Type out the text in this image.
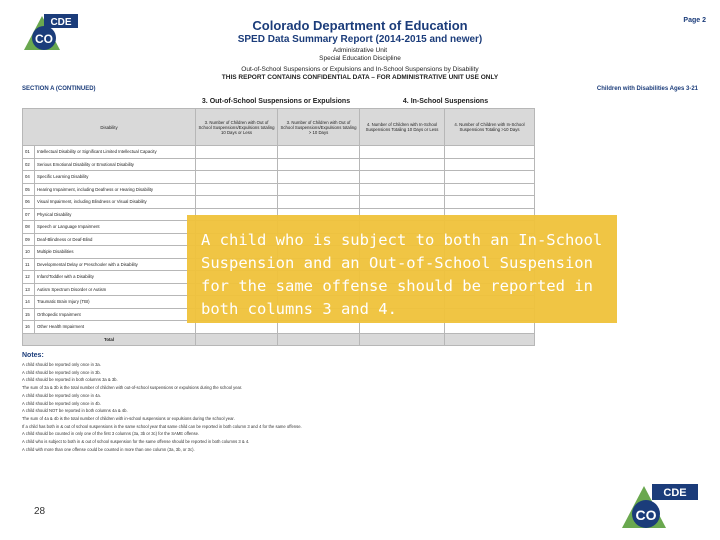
CDE
CO
Page 2
Colorado Department of Education
SPED Data Summary Report (2014-2015 and newer)
Administrative Unit
Special Education Discipline
Out-of-School Suspensions or Expulsions and In-School Suspensions by Disability
THIS REPORT CONTAINS CONFIDENTIAL DATA – FOR ADMINISTRATIVE UNIT USE ONLY
SECTION A (CONTINUED)	Children with Disabilities Ages 3-21
3. Out-of-School Suspensions or Expulsions	4. In-School Suspensions
Disability		3. Number of Children with Out of School Suspensions/Expulsions totaling 10 Days or Less	3. Number of Children with Out of School Suspensions/Expulsions totaling > 10 Days	4. Number of Children with In-School Suspensions Totaling 10 Days or Less	4. Number of Children with In-School Suspensions Totaling >10 Days
01	Intellectual Disability or Significant Limited Intellectual Capacity				
02	Serious Emotional Disability or Emotional Disability				
04	Specific Learning Disability				
05	Hearing Impairment, including Deafness or Hearing Disability				
06	Visual Impairment, including Blindness or Visual Disability				
07	Physical Disability				
08	Speech or Language Impairment				
09	Deaf-Blindness or Deaf-Blind				
10	Multiple Disabilities				
11	Developmental Delay or Preschooler with a Disability				
12	Infant/Toddler with a Disability				
13	Autism Spectrum Disorder or Autism				
14	Traumatic Brain Injury (TBI)				
15	Orthopedic Impairment				
16	Other Health Impairment				
Total					
Notes:
A child should be reported only once in 3a.
A child should be reported only once in 3b.
A child should be reported in both columns 3a & 3b.
The sum of 3a & 3b is the total number of children with out-of-school suspensions or expulsions during the school year.
A child should be reported only once in 4a.
A child should be reported only once in 4b.
A child should NOT be reported in both columns 4a & 4b.
The sum of 4a & 4b is the total number of children with in-school suspensions or expulsions during the school year.
If a child has both in & out of school suspensions in the same school year that same child can be reported in both column 3 and 4 for the same offense.
A child should be counted in only one of the first 3 columns (3a, 3b or 3c) for the SAME offense.
A child who is subject to both in & out of school suspension for the same offense should be reported in both columns 3 & 4.
A child with more than one offense could be counted in more than one column (3a, 3b, or 3c).
A child who is subject to both an In-School Suspension and an Out-of-School Suspension for the same offense should be reported in both columns 3 and 4.
28
CDE
CO
